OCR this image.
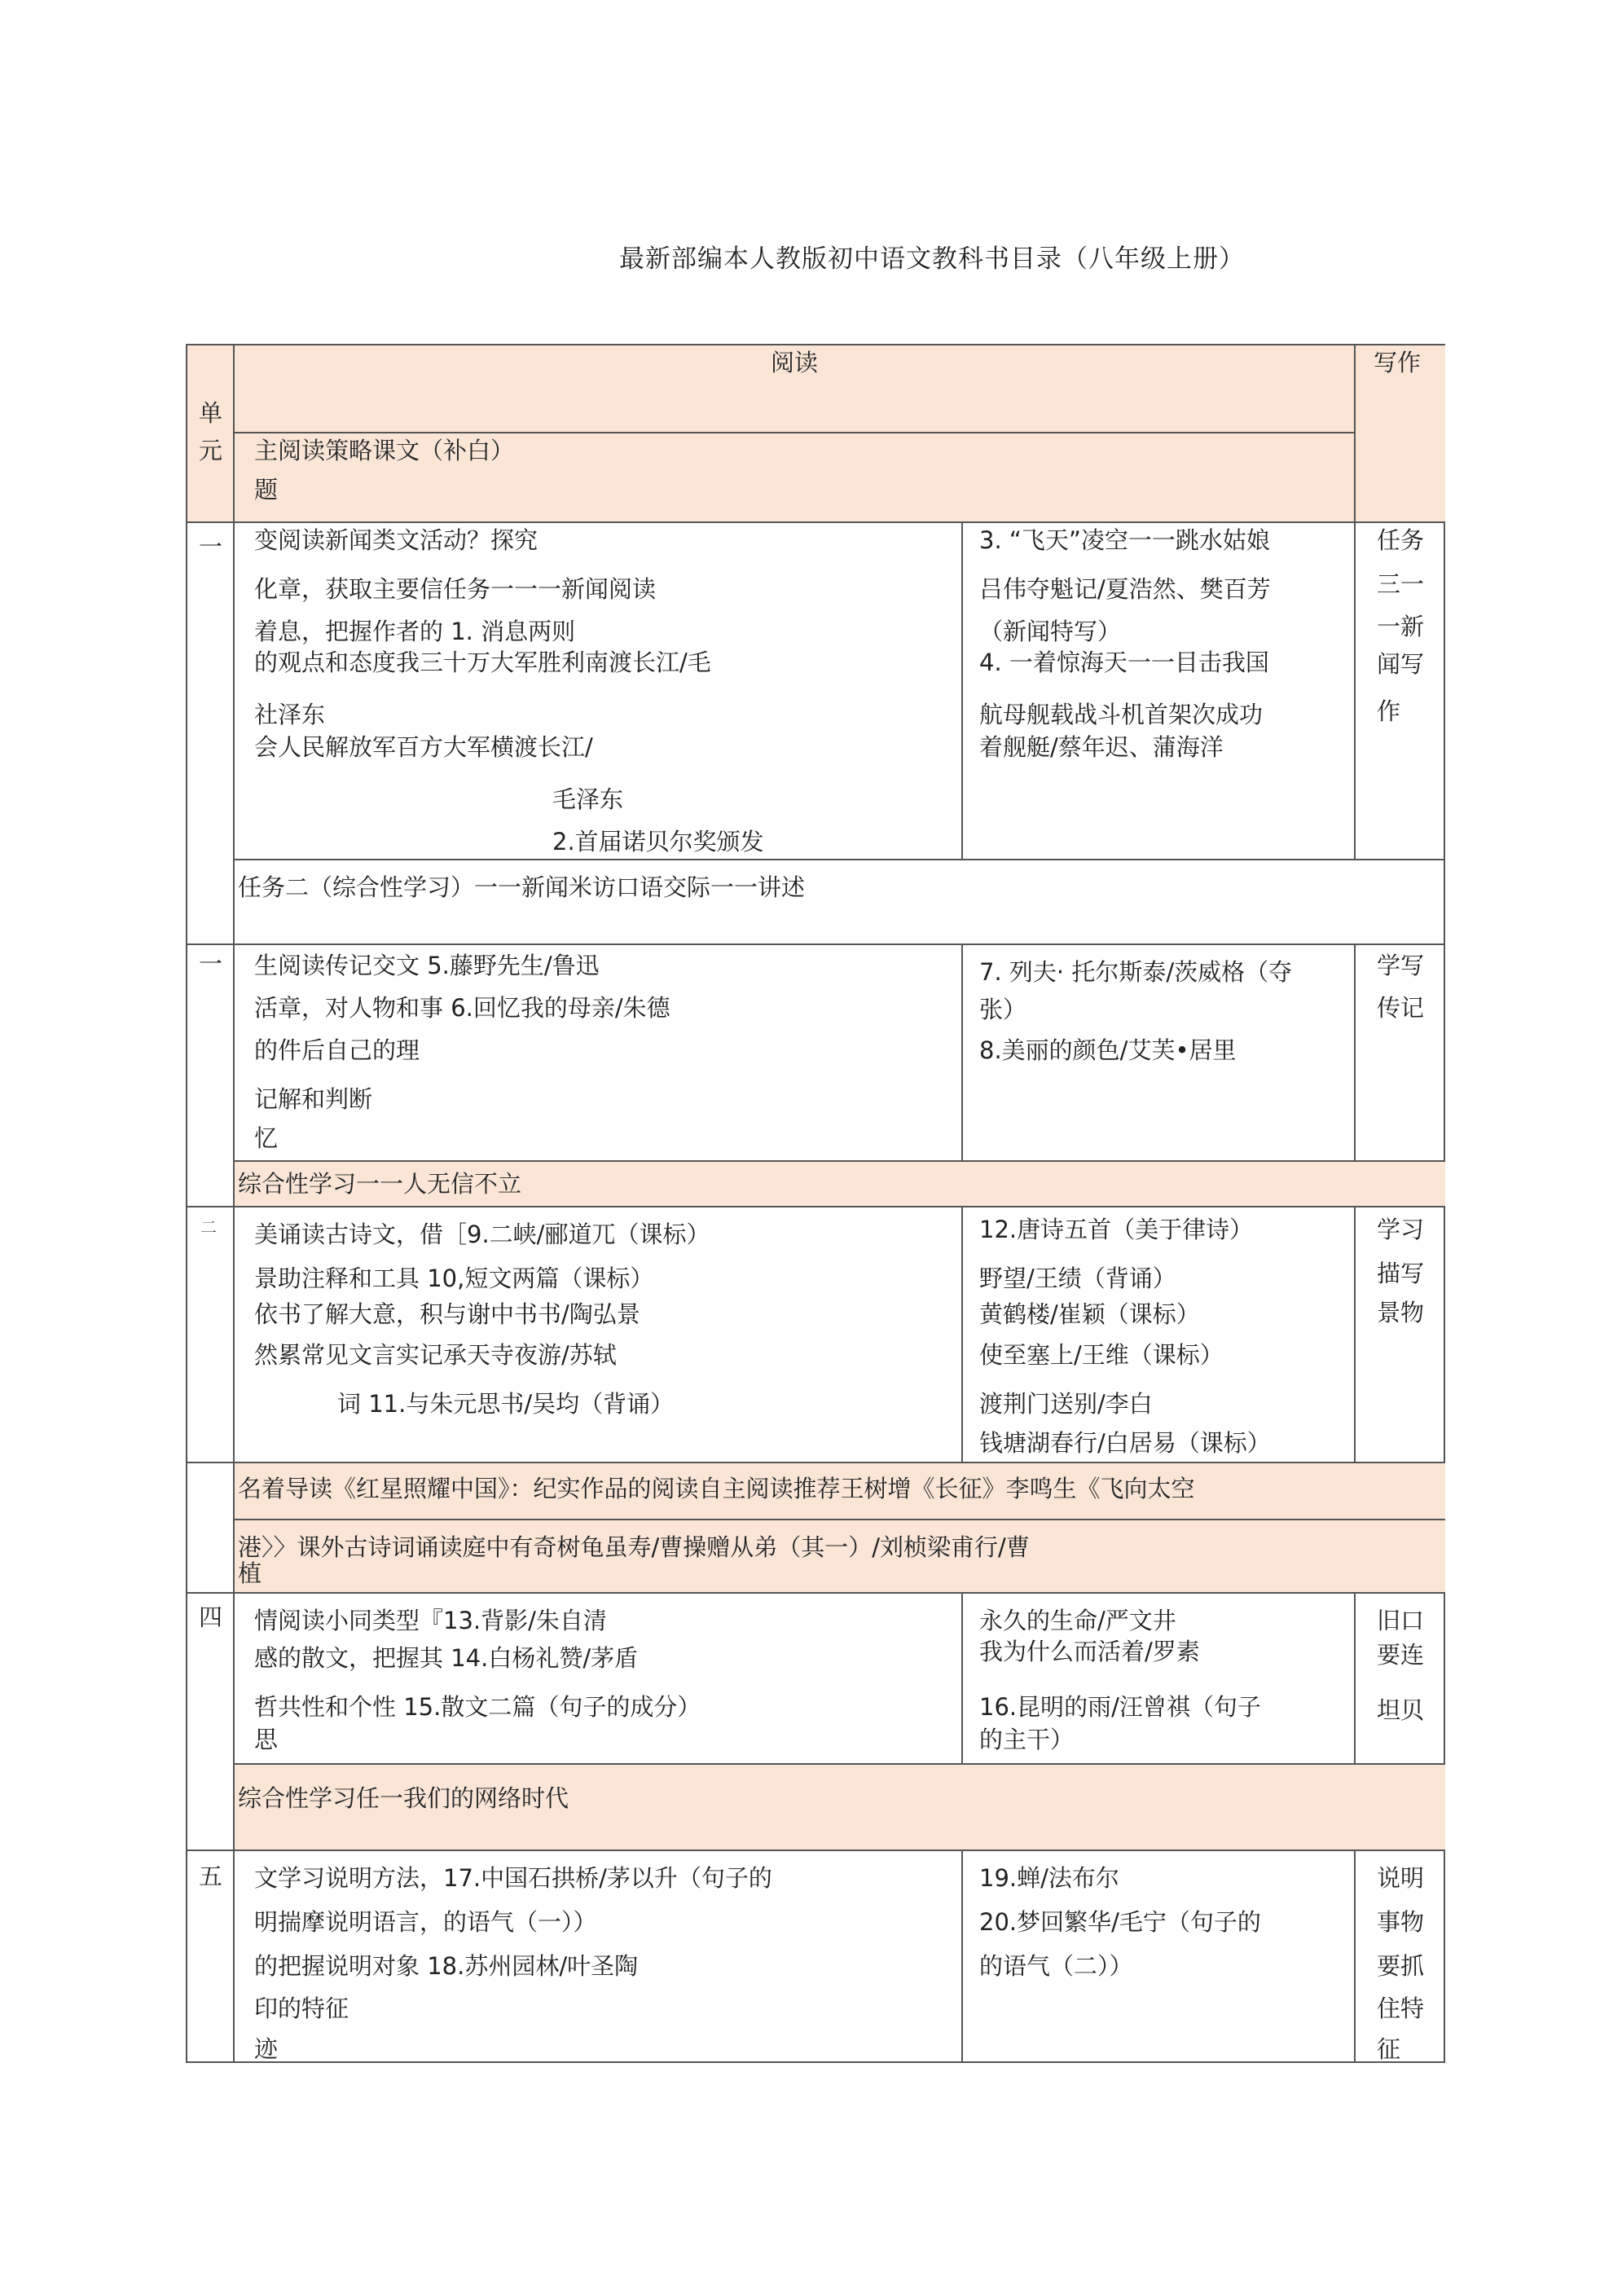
最新部编本人教版初中语文教科书目录（八年级上册）
阅读	写作
单
元 主阅读策略课文（补白）
题
一 变阅读新闻类文活动？探究
化章，获取主要信任务一一一新闻阅读
着息，把握作者的 1. 消息两则
的观点和态度我三十万大军胜利南渡长江/毛
社泽东
会人民解放军百方大军横渡长江/
毛泽东
2.首届诺贝尔奖颁发
3. “飞天”凌空一一跳水姑娘
吕伟夺魁记/夏浩然、樊百芳
（新闻特写）
4. 一着惊海天一一目击我国
航母舰载战斗机首架次成功
着舰艇/蔡年迟、蒲海洋
任务
三一
一新
闻写
作
任务二（综合性学习）一一新闻米访口语交际一一讲述
一 生阅读传记交文 5.藤野先生/鲁迅
活章，对人物和事 6.回忆我的母亲/朱德
的件后自己的理
记解和判断
忆
7. 列夫· 托尔斯泰/茨威格（夺
张）
8.美丽的颜色/艾芙•居里
学写
传记
综合性学习一一人无信不立
二 美诵读古诗文，借［9.二峡/郦道兀（课标）
景助注释和工具 10,短文两篇（课标）
依书了解大意，积与谢中书书/陶弘景
然累常见文言实记承天寺夜游/苏轼
词 11.与朱元思书/吴均（背诵）
12.唐诗五首（美于律诗）
野望/王绩（背诵）
黄鹤楼/崔颖（课标）
使至塞上/王维（课标）
渡荆门送别/李白
钱塘湖春行/白居易（课标）
学习
描写
景物
名着导读《红星照耀中国》：纪实作品的阅读自主阅读推荐王树增《长征》李鸣生《飞向太空
港〉〉课外古诗词诵读庭中有奇树龟虽寿/曹操赠从弟（其一）/刘桢梁甫行/曹
植
四 情阅读小同类型『13.背影/朱自清
感的散文，把握其 14.白杨礼赞/茅盾
哲共性和个性 15.散文二篇（句子的成分）
思
永久的生命/严文井
我为什么而活着/罗素
16.昆明的雨/汪曾祺（句子
的主干）
旧口
要连
坦贝
综合性学习任一我们的网络时代
五 文学习说明方法，17.中国石拱桥/茅以升（句子的
明揣摩说明语言，的语气（一））
的把握说明对象 18.苏州园林/叶圣陶
印的特征
迹
19.蝉/法布尔
20.梦回繁华/毛宁（句子的
的语气（二））
说明
事物
要抓
住特
征
